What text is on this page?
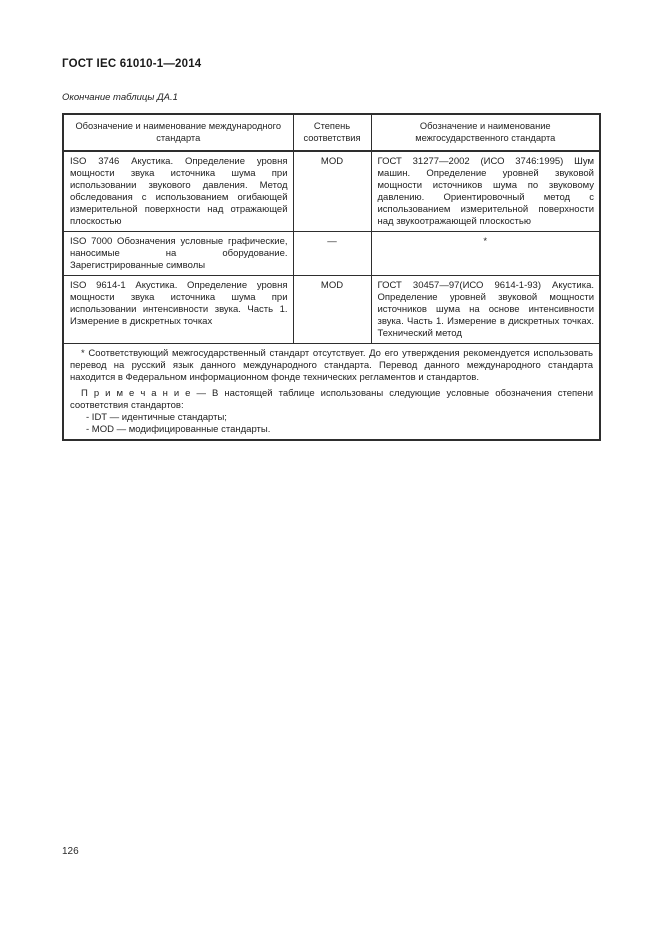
ГОСТ IEC 61010-1—2014
Окончание таблицы ДА.1
Обозначение и наименование международного стандарта	Степень соответствия	Обозначение и наименование межгосударственного стандарта
ISO 3746 Акустика. Определение уровня мощности звука источника шума при использовании звукового давления. Метод обследования с использованием огибающей измерительной поверхности над отражающей плоскостью	MOD	ГОСТ 31277—2002 (ИСО 3746:1995) Шум машин. Определение уровней звуковой мощности источников шума по звуковому давлению. Ориентировочный метод с использованием измерительной поверхности над звукоотражающей плоскостью
ISO 7000 Обозначения условные графические, наносимые на оборудование. Зарегистрированные символы	—	*
ISO 9614-1 Акустика. Определение уровня мощности звука источника шума при использовании интенсивности звука. Часть 1. Измерение в дискретных точках	MOD	ГОСТ 30457—97(ИСО 9614-1-93) Акустика. Определение уровней звуковой мощности источников шума на основе интенсивности звука. Часть 1. Измерение в дискретных точках. Технический метод

* Соответствующий межгосударственный стандарт отсутствует. До его утверждения рекомендуется использовать перевод на русский язык данного международного стандарта. Перевод данного международного стандарта находится в Федеральном информационном фонде технических регламентов и стандартов.

П р и м е ч а н и е — В настоящей таблице использованы следующие условные обозначения степени соответствия стандартов:

- IDT — идентичные стандарты;

- MOD — модифицированные стандарты.		

126
